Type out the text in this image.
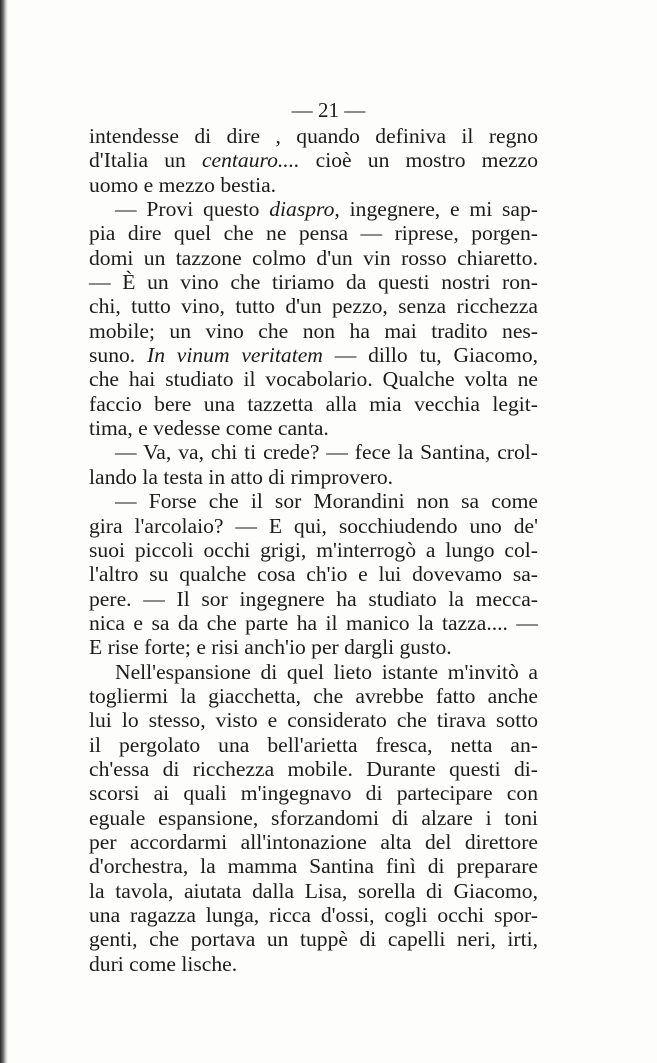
— 21 —
intendesse di dire , quando definiva il regno
d'Italia un centauro.... cioè un mostro mezzo
uomo e mezzo bestia.
— Provi questo diaspro, ingegnere, e mi sap-
pia dire quel che ne pensa — riprese, porgen-
domi un tazzone colmo d'un vin rosso chiaretto.
— È un vino che tiriamo da questi nostri ron-
chi, tutto vino, tutto d'un pezzo, senza ricchezza
mobile; un vino che non ha mai tradito nes-
suno. In vinum veritatem — dillo tu, Giacomo,
che hai studiato il vocabolario. Qualche volta ne
faccio bere una tazzetta alla mia vecchia legit-
tima, e vedesse come canta.
— Va, va, chi ti crede? — fece la Santina, crol-
lando la testa in atto di rimprovero.
— Forse che il sor Morandini non sa come
gira l'arcolaio? — E qui, socchiudendo uno de'
suoi piccoli occhi grigi, m'interrogò a lungo col-
l'altro su qualche cosa ch'io e lui dovevamo sa-
pere. — Il sor ingegnere ha studiato la mecca-
nica e sa da che parte ha il manico la tazza.... —
E rise forte; e risi anch'io per dargli gusto.
Nell'espansione di quel lieto istante m'invitò a
togliermi la giacchetta, che avrebbe fatto anche
lui lo stesso, visto e considerato che tirava sotto
il pergolato una bell'arietta fresca, netta an-
ch'essa di ricchezza mobile. Durante questi di-
scorsi ai quali m'ingegnavo di partecipare con
eguale espansione, sforzandomi di alzare i toni
per accordarmi all'intonazione alta del direttore
d'orchestra, la mamma Santina finì di preparare
la tavola, aiutata dalla Lisa, sorella di Giacomo,
una ragazza lunga, ricca d'ossi, cogli occhi spor-
genti, che portava un tuppè di capelli neri, irti,
duri come lische.
